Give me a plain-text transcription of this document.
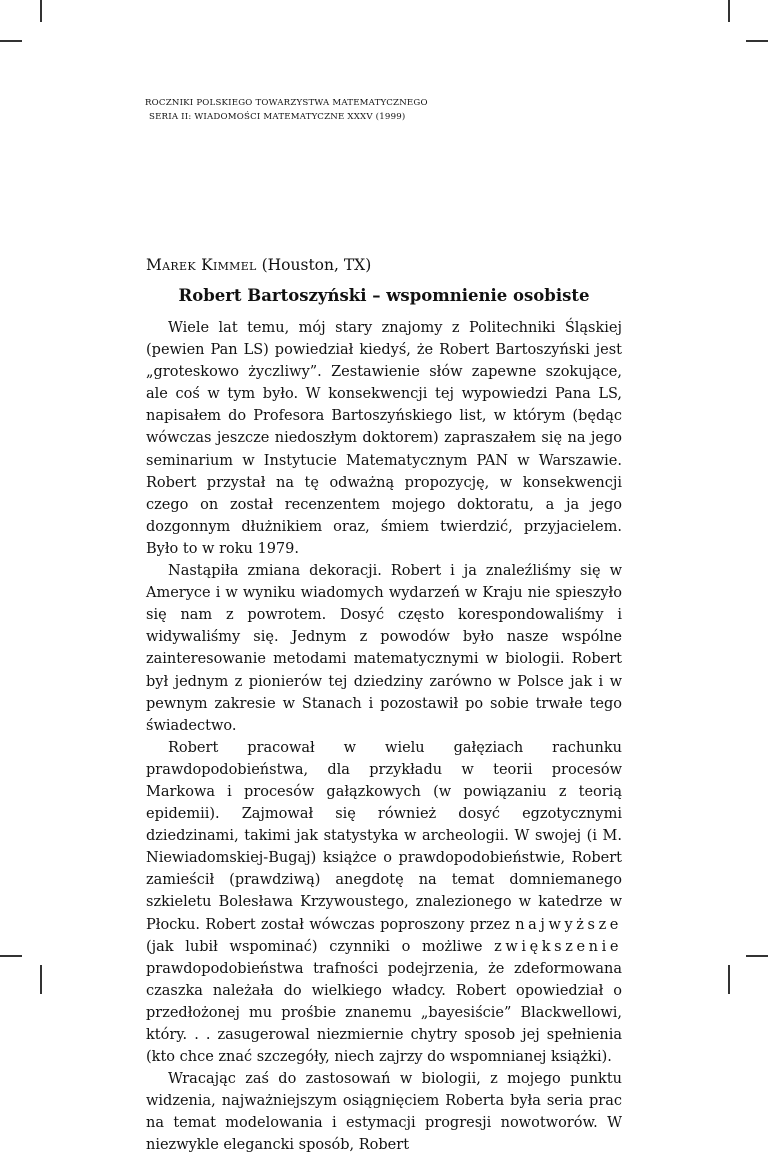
ROCZNIKI POLSKIEGO TOWARZYSTWA MATEMATYCZNEGO
SERIA II: WIADOMOŚCI MATEMATYCZNE XXXV (1999)
Marek Kimmel (Houston, TX)
Robert Bartoszyński – wspomnienie osobiste

Wiele lat temu, mój stary znajomy z Politechniki Śląskiej (pewien Pan LS) powiedział kiedyś, że Robert Bartoszyński jest „groteskowo życzliwy”. Zestawienie słów zapewne szokujące, ale coś w tym było. W konsekwencji tej wypowiedzi Pana LS, napisałem do Profesora Bartoszyńskiego list, w którym (będąc wówczas jeszcze niedoszłym doktorem) zapraszałem się na jego seminarium w Instytucie Matematycznym PAN w Warszawie. Robert przystał na tę odważną propozycję, w konsekwencji czego on został recenzentem mojego doktoratu, a ja jego dozgonnym dłużnikiem oraz, śmiem twierdzić, przyjacielem. Było to w roku 1979.

Nastąpiła zmiana dekoracji. Robert i ja znaleźliśmy się w Ameryce i w wyniku wiadomych wydarzeń w Kraju nie spieszyło się nam z powrotem. Dosyć często korespondowaliśmy i widywaliśmy się. Jednym z powodów było nasze wspólne zainteresowanie metodami matematycznymi w biologii. Robert był jednym z pionierów tej dziedziny zarówno w Polsce jak i w pewnym zakresie w Stanach i pozostawił po sobie trwałe tego świadectwo.

Robert pracował w wielu gałęziach rachunku prawdopodobieństwa, dla przykładu w teorii procesów Markowa i procesów gałązkowych (w powiązaniu z teorią epidemii). Zajmował się również dosyć egzotycznymi dziedzinami, takimi jak statystyka w archeologii. W swojej (i M. Niewiadomskiej-Bugaj) książce o prawdopodobieństwie, Robert zamieścił (prawdziwą) anegdotę na temat domniemanego szkieletu Bolesława Krzywoustego, znalezionego w katedrze w Płocku. Robert został wówczas poproszony przez najwyższe (jak lubił wspominać) czynniki o możliwe zwiększenie prawdopodobieństwa trafności podejrzenia, że zdeformowana czaszka należała do wielkiego władcy. Robert opowiedział o przedłożonej mu prośbie znanemu „bayesiście” Blackwellowi, który. . . zasugerowal niezmiernie chytry sposob jej spełnienia (kto chce znać szczegóły, niech zajrzy do wspomnianej książki).

Wracając zaś do zastosowań w biologii, z mojego punktu widzenia, najważniejszym osiągnięciem Roberta była seria prac na temat modelowania i estymacji progresji nowotworów. W niezwykle elegancki sposób, Robert
